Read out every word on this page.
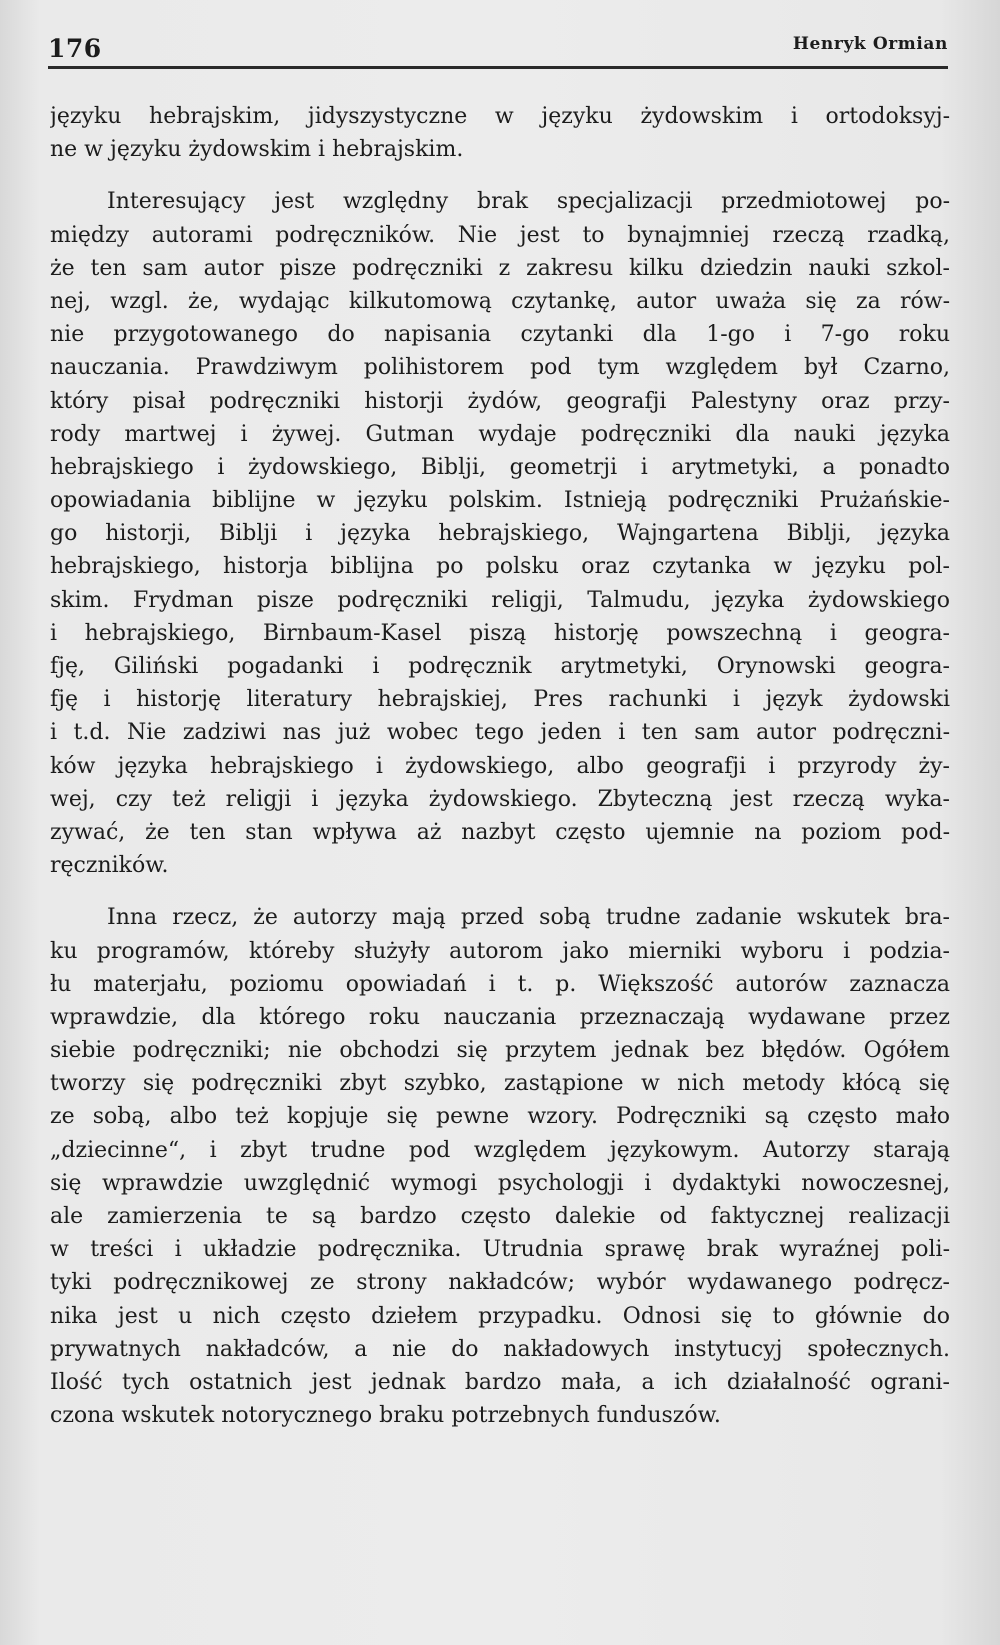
176	Henryk Ormian
języku hebrajskim, jidyszystyczne w języku żydowskim i ortodoksyj-
ne w języku żydowskim i hebrajskim.
Interesujący jest względny brak specjalizacji przedmiotowej po-
między autorami podręczników. Nie jest to bynajmniej rzeczą rzadką,
że ten sam autor pisze podręczniki z zakresu kilku dziedzin nauki szkol-
nej, wzgl. że, wydając kilkutomową czytankę, autor uważa się za rów-
nie przygotowanego do napisania czytanki dla 1-go i 7-go roku
nauczania. Prawdziwym polihistorem pod tym względem był Czarno,
który pisał podręczniki historji żydów, geografji Palestyny oraz przy-
rody martwej i żywej. Gutman wydaje podręczniki dla nauki języka
hebrajskiego i żydowskiego, Biblji, geometrji i arytmetyki, a ponadto
opowiadania biblijne w języku polskim. Istnieją podręczniki Prużańskie-
go historji, Biblji i języka hebrajskiego, Wajngartena Biblji, języka
hebrajskiego, historja biblijna po polsku oraz czytanka w języku pol-
skim. Frydman pisze podręczniki religji, Talmudu, języka żydowskiego
i hebrajskiego, Birnbaum-Kasel piszą historję powszechną i geogra-
fję, Giliński pogadanki i podręcznik arytmetyki, Orynowski geogra-
fję i historję literatury hebrajskiej, Pres rachunki i język żydowski
i t.d. Nie zadziwi nas już wobec tego jeden i ten sam autor podręczni-
ków języka hebrajskiego i żydowskiego, albo geografji i przyrody ży-
wej, czy też religji i języka żydowskiego. Zbyteczną jest rzeczą wyka-
zywać, że ten stan wpływa aż nazbyt często ujemnie na poziom pod-
ręczników.
Inna rzecz, że autorzy mają przed sobą trudne zadanie wskutek bra-
ku programów, któreby służyły autorom jako mierniki wyboru i podzia-
łu materjału, poziomu opowiadań i t. p. Większość autorów zaznacza
wprawdzie, dla którego roku nauczania przeznaczają wydawane przez
siebie podręczniki; nie obchodzi się przytem jednak bez błędów. Ogółem
tworzy się podręczniki zbyt szybko, zastąpione w nich metody kłócą się
ze sobą, albo też kopjuje się pewne wzory. Podręczniki są często mało
„dziecinne“, i zbyt trudne pod względem językowym. Autorzy starają
się wprawdzie uwzględnić wymogi psychologji i dydaktyki nowoczesnej,
ale zamierzenia te są bardzo często dalekie od faktycznej realizacji
w treści i układzie podręcznika. Utrudnia sprawę brak wyraźnej poli-
tyki podręcznikowej ze strony nakładców; wybór wydawanego podręcz-
nika jest u nich często dziełem przypadku. Odnosi się to głównie do
prywatnych nakładców, a nie do nakładowych instytucyj społecznych.
Ilość tych ostatnich jest jednak bardzo mała, a ich działalność ograni-
czona wskutek notorycznego braku potrzebnych funduszów.
